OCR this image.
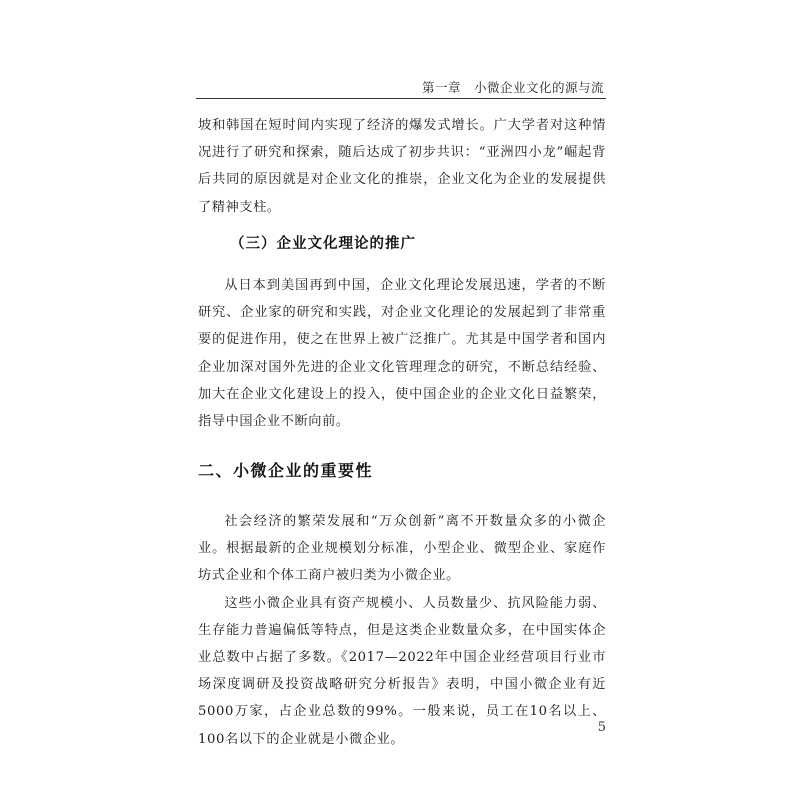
第一章　小微企业文化的源与流

坡和韩国在短时间内实现了经济的爆发式增长。广大学者对这种情况进行了研究和探索，随后达成了初步共识：“亚洲四小龙”崛起背后共同的原因就是对企业文化的推崇，企业文化为企业的发展提供了精神支柱。

（三）企业文化理论的推广

从日本到美国再到中国，企业文化理论发展迅速，学者的不断研究、企业家的研究和实践，对企业文化理论的发展起到了非常重要的促进作用，使之在世界上被广泛推广。尤其是中国学者和国内企业加深对国外先进的企业文化管理理念的研究，不断总结经验、加大在企业文化建设上的投入，使中国企业的企业文化日益繁荣，指导中国企业不断向前。

二、小微企业的重要性

社会经济的繁荣发展和“万众创新”离不开数量众多的小微企业。根据最新的企业规模划分标准，小型企业、微型企业、家庭作坊式企业和个体工商户被归类为小微企业。

这些小微企业具有资产规模小、人员数量少、抗风险能力弱、生存能力普遍偏低等特点，但是这类企业数量众多，在中国实体企业总数中占据了多数。《2017—2022年中国企业经营项目行业市场深度调研及投资战略研究分析报告》表明，中国小微企业有近5000万家，占企业总数的99%。一般来说，员工在10名以上、100名以下的企业就是小微企业。

5
